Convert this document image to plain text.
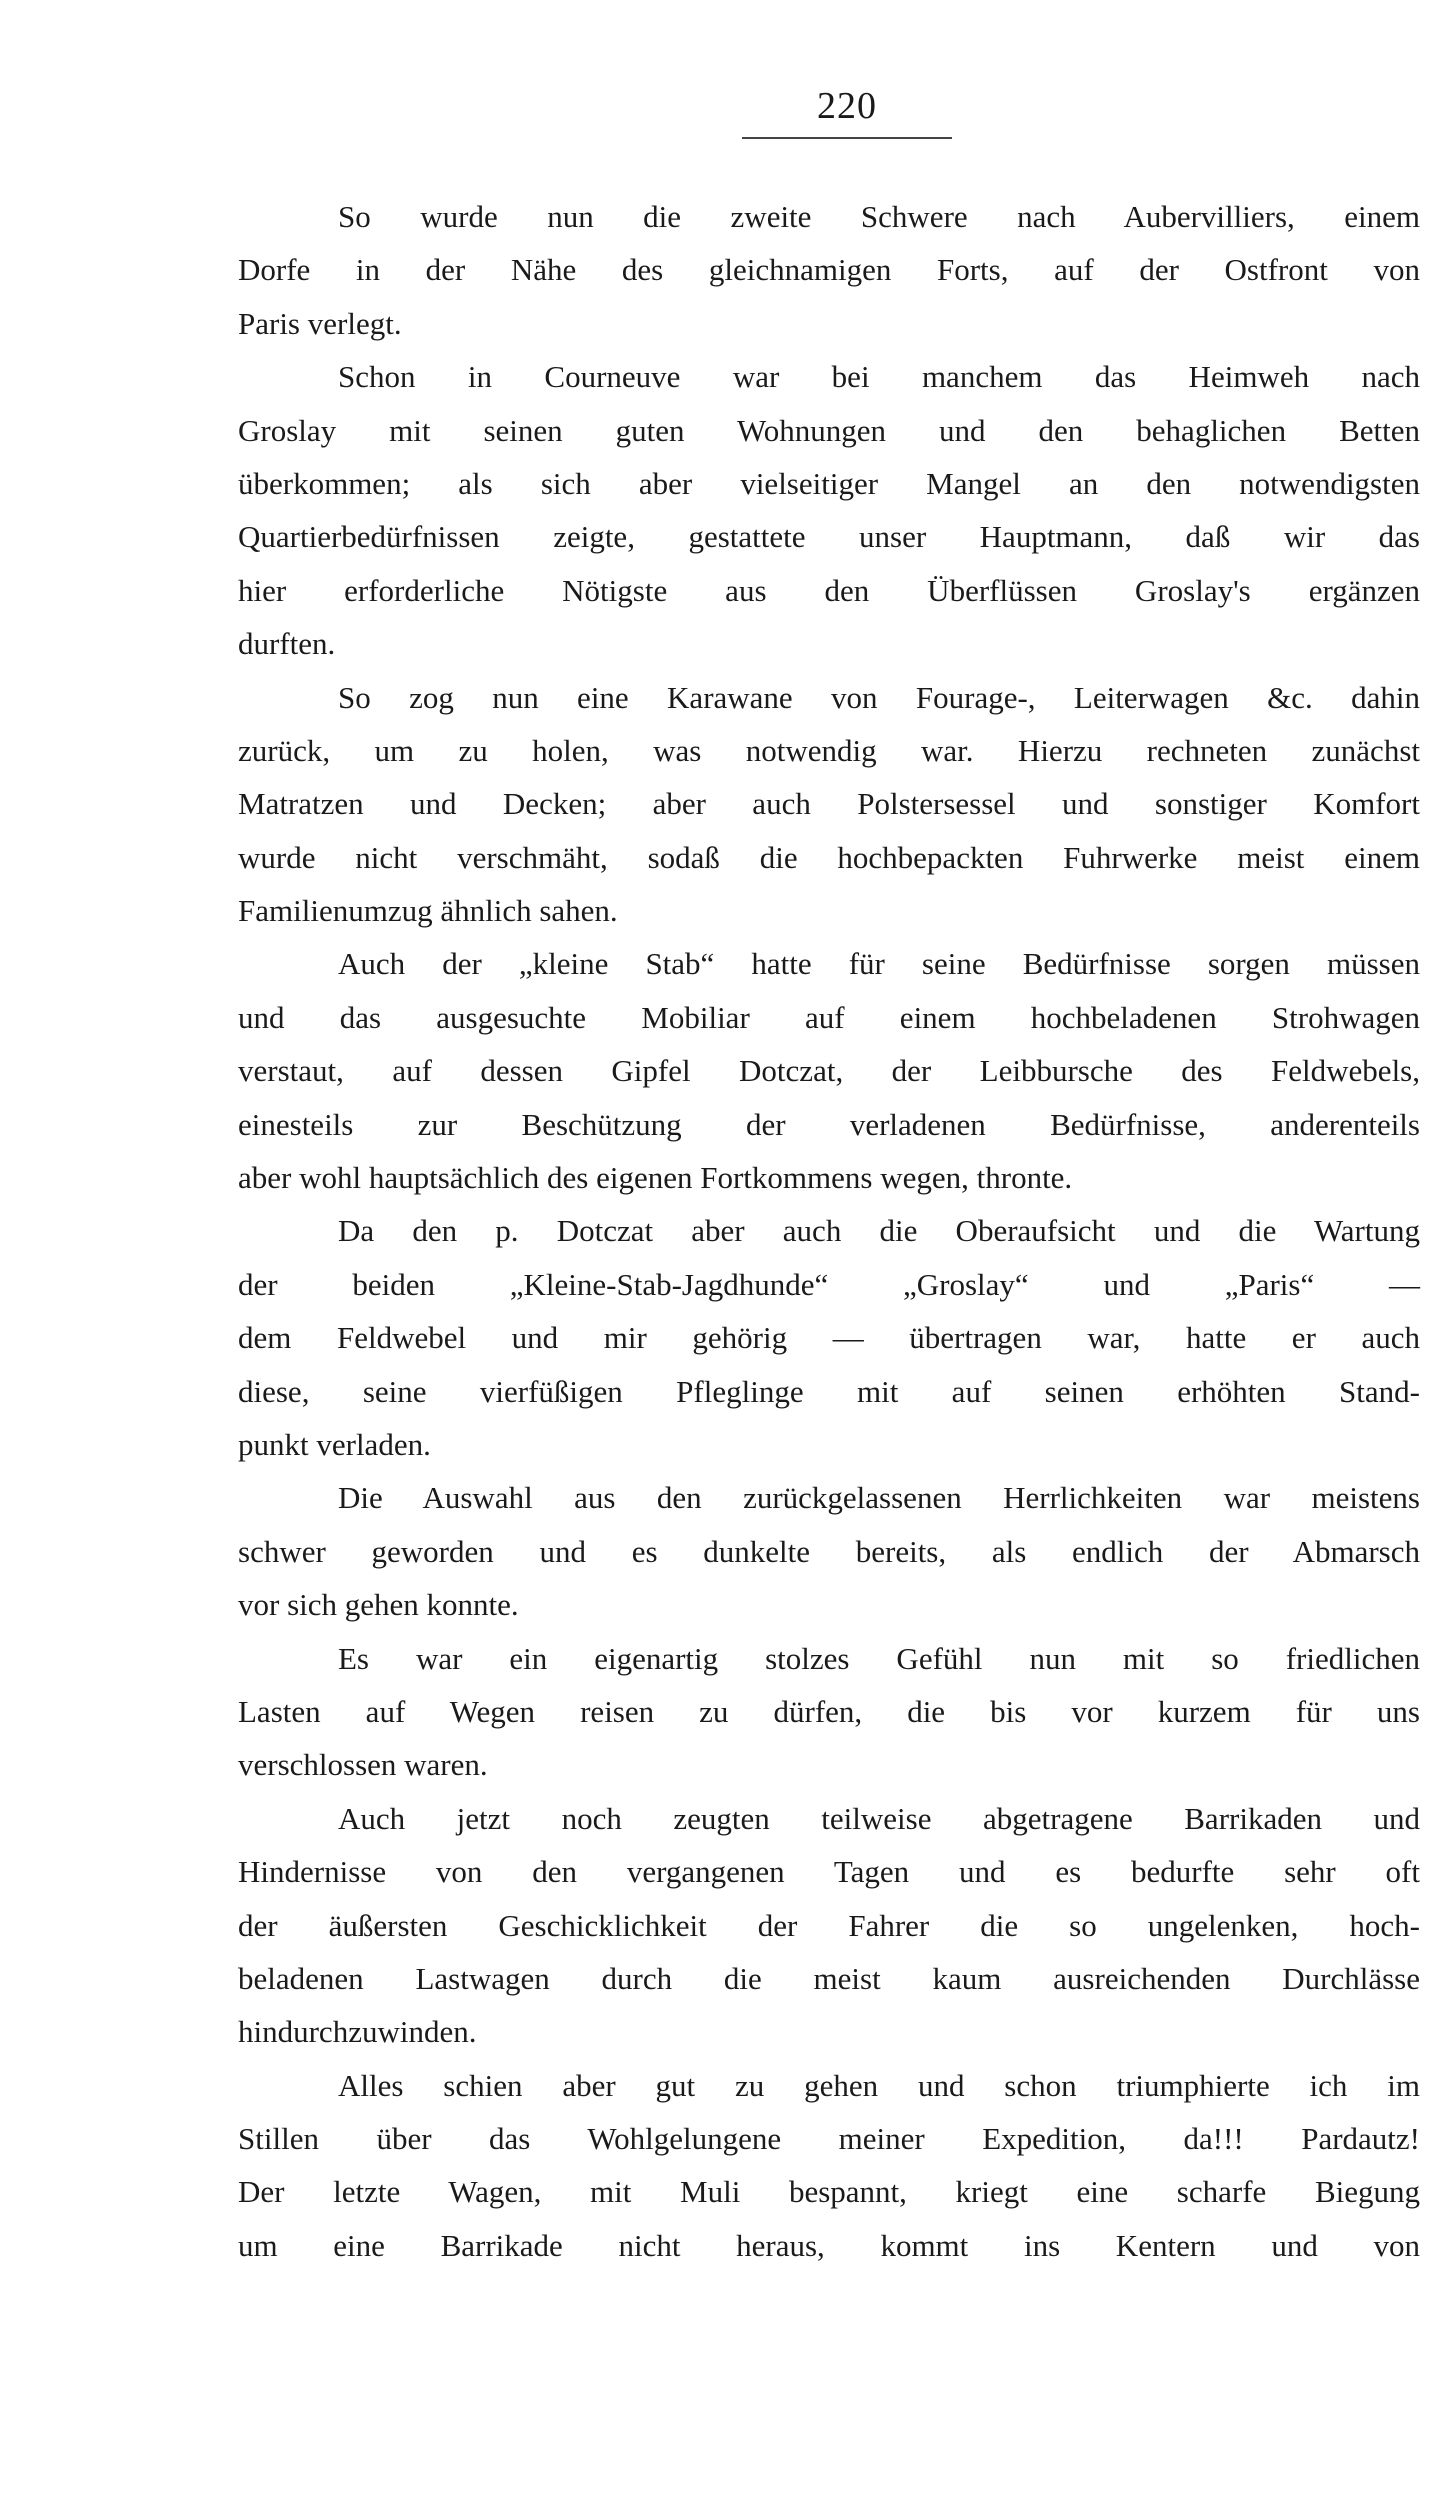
220
So wurde nun die zweite Schwere nach Aubervilliers, einem
Dorfe in der Nähe des gleichnamigen Forts, auf der Ostfront von
Paris verlegt.
Schon in Courneuve war bei manchem das Heimweh nach
Groslay mit seinen guten Wohnungen und den behaglichen Betten
überkommen; als sich aber vielseitiger Mangel an den notwendigsten
Quartierbedürfnissen zeigte, gestattete unser Hauptmann, daß wir das
hier erforderliche Nötigste aus den Überflüssen Groslay's ergänzen
durften.
So zog nun eine Karawane von Fourage-, Leiterwagen &c. dahin
zurück, um zu holen, was notwendig war. Hierzu rechneten zunächst
Matratzen und Decken; aber auch Polstersessel und sonstiger Komfort
wurde nicht verschmäht, sodaß die hochbepackten Fuhrwerke meist einem
Familienumzug ähnlich sahen.
Auch der „kleine Stab“ hatte für seine Bedürfnisse sorgen müssen
und das ausgesuchte Mobiliar auf einem hochbeladenen Strohwagen
verstaut, auf dessen Gipfel Dotczat, der Leibbursche des Feldwebels,
einesteils zur Beschützung der verladenen Bedürfnisse, anderenteils
aber wohl hauptsächlich des eigenen Fortkommens wegen, thronte.
Da den p. Dotczat aber auch die Oberaufsicht und die Wartung
der beiden „Kleine-Stab-Jagdhunde“ „Groslay“ und „Paris“ —
dem Feldwebel und mir gehörig — übertragen war, hatte er auch
diese, seine vierfüßigen Pfleglinge mit auf seinen erhöhten Stand-
punkt verladen.
Die Auswahl aus den zurückgelassenen Herrlichkeiten war meistens
schwer geworden und es dunkelte bereits, als endlich der Abmarsch
vor sich gehen konnte.
Es war ein eigenartig stolzes Gefühl nun mit so friedlichen
Lasten auf Wegen reisen zu dürfen, die bis vor kurzem für uns
verschlossen waren.
Auch jetzt noch zeugten teilweise abgetragene Barrikaden und
Hindernisse von den vergangenen Tagen und es bedurfte sehr oft
der äußersten Geschicklichkeit der Fahrer die so ungelenken, hoch-
beladenen Lastwagen durch die meist kaum ausreichenden Durchlässe
hindurchzuwinden.
Alles schien aber gut zu gehen und schon triumphierte ich im
Stillen über das Wohlgelungene meiner Expedition, da!!! Pardautz!
Der letzte Wagen, mit Muli bespannt, kriegt eine scharfe Biegung
um eine Barrikade nicht heraus, kommt ins Kentern und von
